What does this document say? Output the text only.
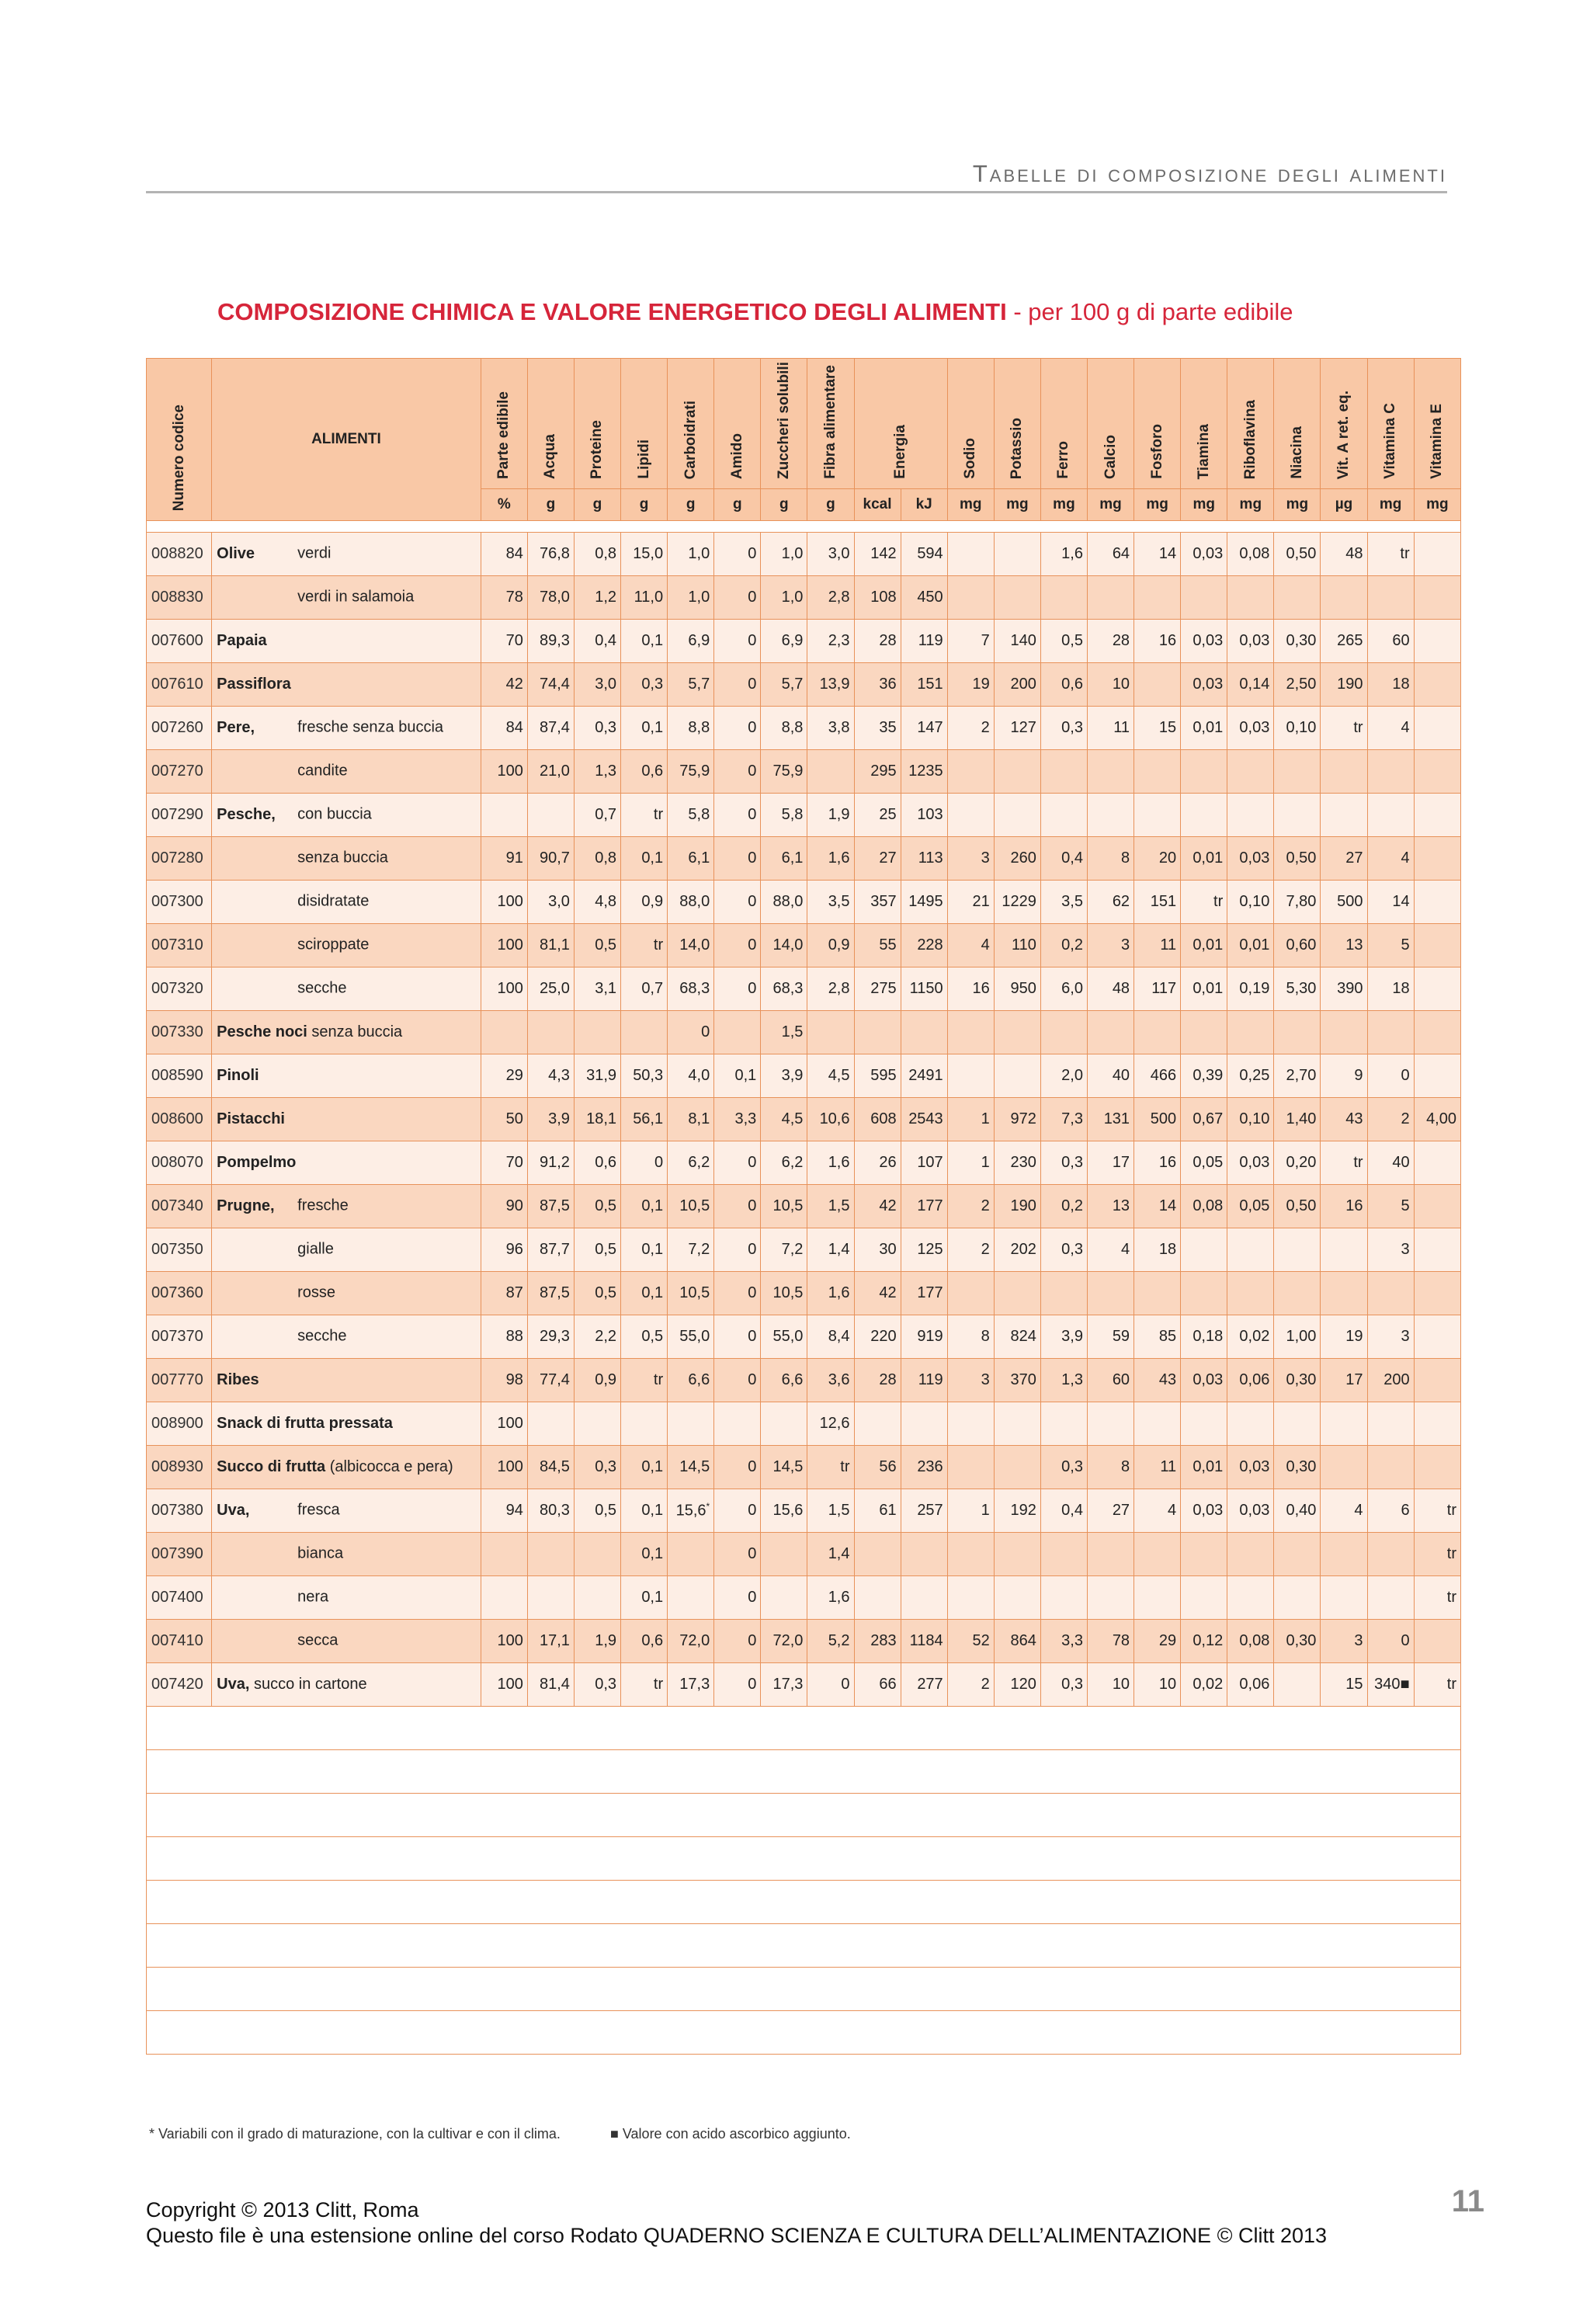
Tabelle di composizione degli alimenti
COMPOSIZIONE CHIMICA E VALORE ENERGETICO DEGLI ALIMENTI - per 100 g di parte edibile
Numero codice	ALIMENTI	Parte edibile	Acqua	Proteine	Lipidi	Carboidrati	Amido	Zuccheri solubili	Fibra alimentare	Energia		Sodio	Potassio	Ferro	Calcio	Fosforo	Tiamina	Riboflavina	Niacina	Vit. A ret. eq.	Vitamina C	Vitamina E
		%	g	g	g	g	g	g	g	kcal	kJ	mg	mg	mg	mg	mg	mg	mg	mg	µg	mg	mg

008820	Olive verdi	84	76,8	0,8	15,0	1,0	0	1,0	3,0	142	594			1,6	64	14	0,03	0,08	0,50	48	tr	
008830	verdi in salamoia	78	78,0	1,2	11,0	1,0	0	1,0	2,8	108	450											
007600	Papaia	70	89,3	0,4	0,1	6,9	0	6,9	2,3	28	119	7	140	0,5	28	16	0,03	0,03	0,30	265	60	
007610	Passiflora	42	74,4	3,0	0,3	5,7	0	5,7	13,9	36	151	19	200	0,6	10		0,03	0,14	2,50	190	18	
007260	Pere, fresche senza buccia	84	87,4	0,3	0,1	8,8	0	8,8	3,8	35	147	2	127	0,3	11	15	0,01	0,03	0,10	tr	4	
007270	candite	100	21,0	1,3	0,6	75,9	0	75,9		295	1235											
007290	Pesche, con buccia			0,7	tr	5,8	0	5,8	1,9	25	103											
007280	senza buccia	91	90,7	0,8	0,1	6,1	0	6,1	1,6	27	113	3	260	0,4	8	20	0,01	0,03	0,50	27	4	
007300	disidratate	100	3,0	4,8	0,9	88,0	0	88,0	3,5	357	1495	21	1229	3,5	62	151	tr	0,10	7,80	500	14	
007310	sciroppate	100	81,1	0,5	tr	14,0	0	14,0	0,9	55	228	4	110	0,2	3	11	0,01	0,01	0,60	13	5	
007320	secche	100	25,0	3,1	0,7	68,3	0	68,3	2,8	275	1150	16	950	6,0	48	117	0,01	0,19	5,30	390	18	
007330	Pesche noci senza buccia					0		1,5														
008590	Pinoli	29	4,3	31,9	50,3	4,0	0,1	3,9	4,5	595	2491			2,0	40	466	0,39	0,25	2,70	9	0	
008600	Pistacchi	50	3,9	18,1	56,1	8,1	3,3	4,5	10,6	608	2543	1	972	7,3	131	500	0,67	0,10	1,40	43	2	4,00
008070	Pompelmo	70	91,2	0,6	0	6,2	0	6,2	1,6	26	107	1	230	0,3	17	16	0,05	0,03	0,20	tr	40	
007340	Prugne, fresche	90	87,5	0,5	0,1	10,5	0	10,5	1,5	42	177	2	190	0,2	13	14	0,08	0,05	0,50	16	5	
007350	gialle	96	87,7	0,5	0,1	7,2	0	7,2	1,4	30	125	2	202	0,3	4	18					3	
007360	rosse	87	87,5	0,5	0,1	10,5	0	10,5	1,6	42	177											
007370	secche	88	29,3	2,2	0,5	55,0	0	55,0	8,4	220	919	8	824	3,9	59	85	0,18	0,02	1,00	19	3	
007770	Ribes	98	77,4	0,9	tr	6,6	0	6,6	3,6	28	119	3	370	1,3	60	43	0,03	0,06	0,30	17	200	
008900	Snack di frutta pressata	100							12,6													
008930	Succo di frutta (albicocca e pera)	100	84,5	0,3	0,1	14,5	0	14,5	tr	56	236			0,3	8	11	0,01	0,03	0,30			
007380	Uva, fresca	94	80,3	0,5	0,1	15,6*	0	15,6	1,5	61	257	1	192	0,4	27	4	0,03	0,03	0,40	4	6	tr
007390	bianca				0,1		0		1,4													tr
007400	nera				0,1		0		1,6													tr
007410	secca	100	17,1	1,9	0,6	72,0	0	72,0	5,2	283	1184	52	864	3,3	78	29	0,12	0,08	0,30	3	0	
007420	Uva, succo in cartone	100	81,4	0,3	tr	17,3	0	17,3	0	66	277	2	120	0,3	10	10	0,02	0,06		15	340■	tr

* Variabili con il grado di maturazione, con la cultivar e con il clima.	■ Valore con acido ascorbico aggiunto.
Copyright © 2013 Clitt, Roma
Questo file è una estensione online del corso Rodato QUADERNO SCIENZA E CULTURA DELL’ALIMENTAZIONE © Clitt 2013
11
